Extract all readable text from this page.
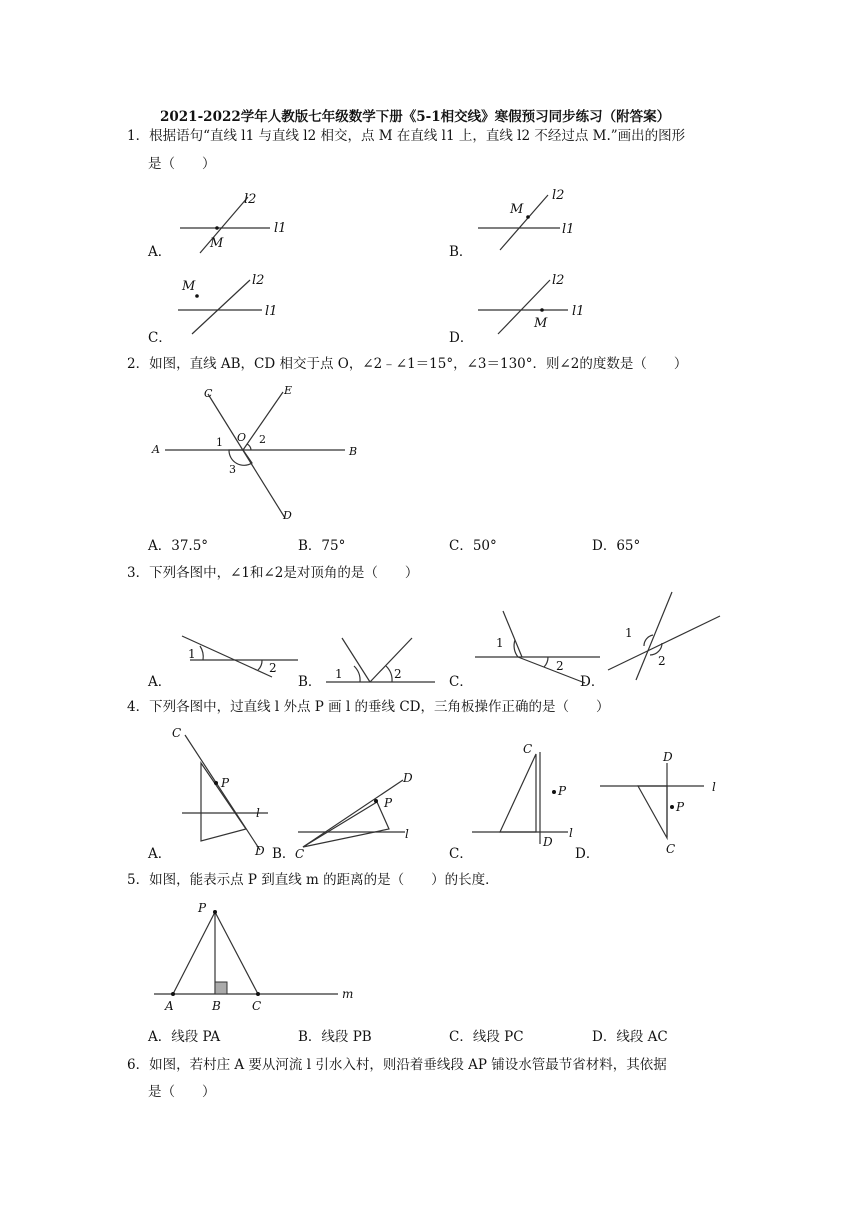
2021-2022学年人教版七年级数学下册《5-1相交线》寒假预习同步练习（附答案）
1．根据语句“直线 l1 与直线 l2 相交，点 M 在直线 l1 上，直线 l2 不经过点 M.”画出的图形
是（　　）
A．	B．
C．	D．
l2
l1
M
l2
l1
M
l2
l1
M	l2
l1
M
2．如图，直线 AB，CD 相交于点 O，∠2﹣∠1＝15°，∠3＝130°．则∠2的度数是（　　）
C	E
A	B
D
O
1	2
3
A．37.5°	B．75°	C．50°	D．65°
3．下列各图中，∠1和∠2是对顶角的是（　　）
A．	B．	C．	D．
1
2	1	2
1
2
1
2
4．下列各图中，过直线 l 外点 P 画 l 的垂线 CD，三角板操作正确的是（　　）
A．	B．	C．	D．
C
P
l
D	C
P
D
l
C
P
l
D
D
P
l
C
5．如图，能表示点 P 到直线 m 的距离的是（　　）的长度．
P
A	B	C
m
A．线段 PA	B．线段 PB	C．线段 PC	D．线段 AC
6．如图，若村庄 A 要从河流 l 引水入村，则沿着垂线段 AP 铺设水管最节省材料，其依据
是（　　）
